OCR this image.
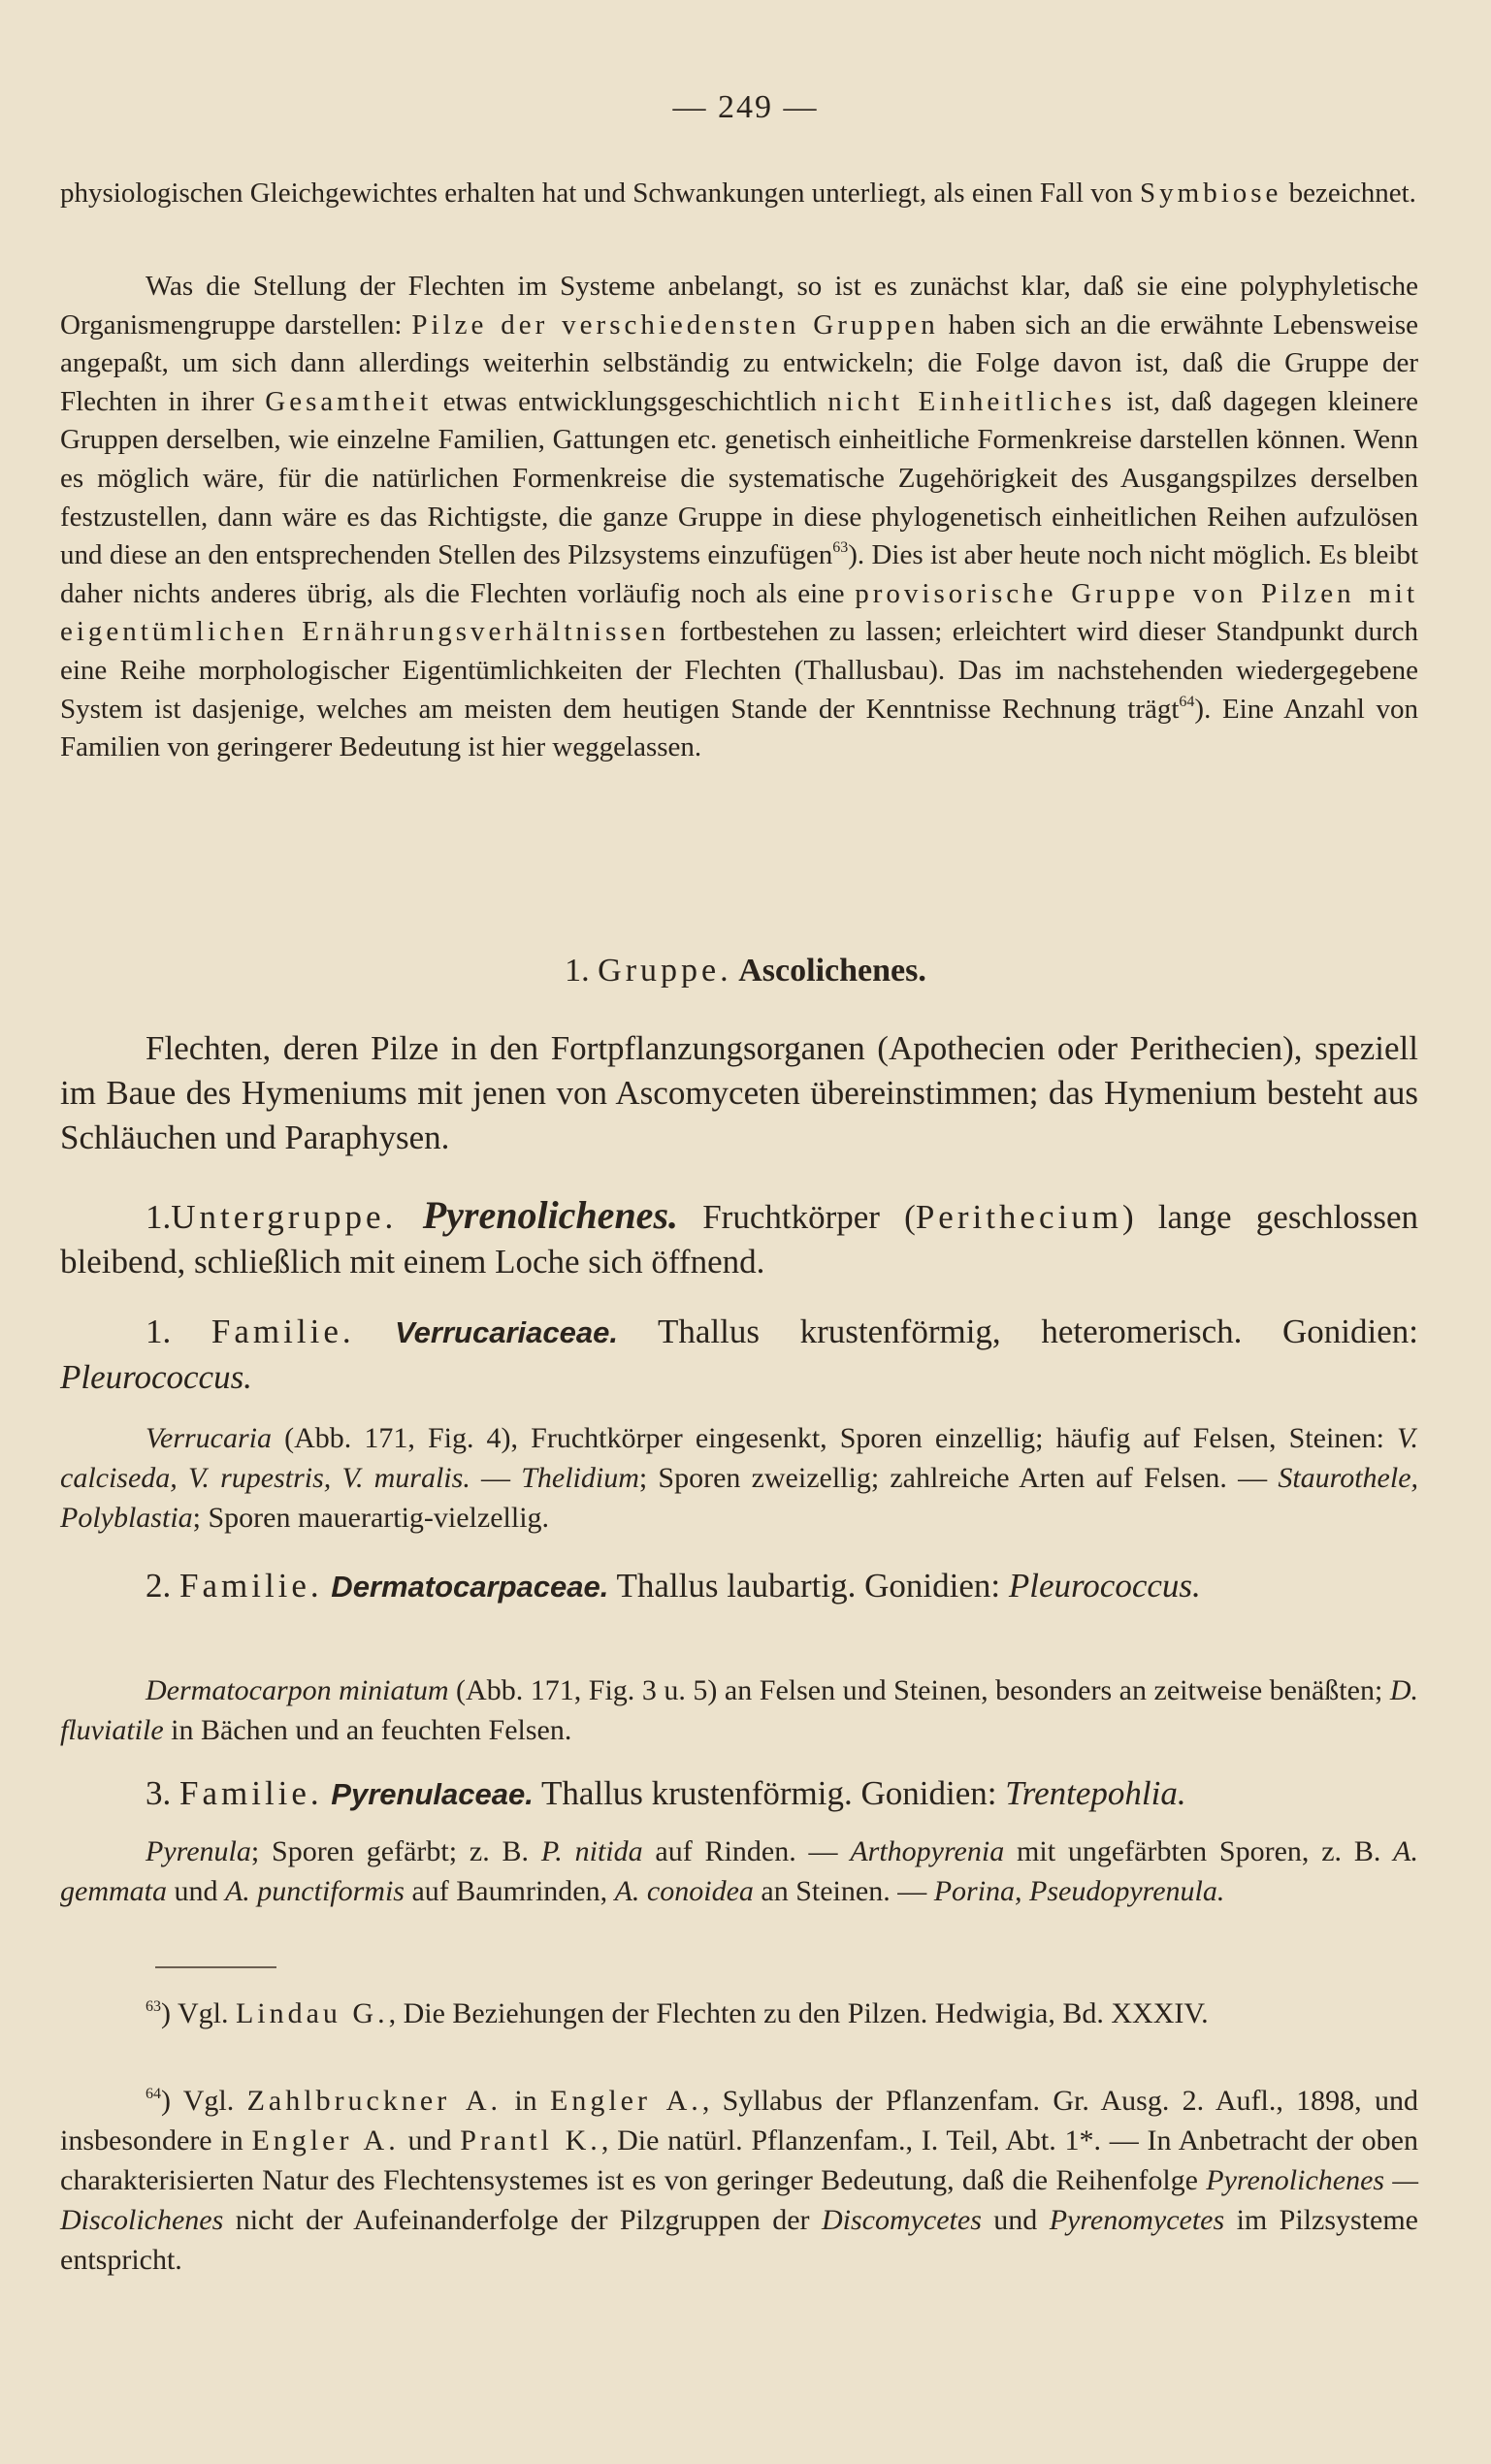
— 249 —

physiologischen Gleichgewichtes erhalten hat und Schwankungen unterliegt, als einen Fall von Symbiose bezeichnet.

Was die Stellung der Flechten im Systeme anbelangt, so ist es zunächst klar, daß sie eine polyphyletische Organismengruppe darstellen: Pilze der verschiedensten Gruppen haben sich an die erwähnte Lebensweise angepaßt, um sich dann allerdings weiterhin selbständig zu entwickeln; die Folge davon ist, daß die Gruppe der Flechten in ihrer Gesamtheit etwas entwicklungsgeschichtlich nicht Einheitliches ist, daß dagegen kleinere Gruppen derselben, wie einzelne Familien, Gattungen etc. genetisch einheitliche Formenkreise darstellen können. Wenn es möglich wäre, für die natürlichen Formenkreise die systematische Zugehörigkeit des Ausgangspilzes derselben festzustellen, dann wäre es das Richtigste, die ganze Gruppe in diese phylogenetisch einheitlichen Reihen aufzulösen und diese an den entsprechenden Stellen des Pilzsystems einzufügen$^{63}$). Dies ist aber heute noch nicht möglich. Es bleibt daher nichts anderes übrig, als die Flechten vorläufig noch als eine provisorische Gruppe von Pilzen mit eigentümlichen Ernährungsverhältnissen fortbestehen zu lassen; erleichtert wird dieser Standpunkt durch eine Reihe morphologischer Eigentümlichkeiten der Flechten (Thallusbau). Das im nachstehenden wiedergegebene System ist dasjenige, welches am meisten dem heutigen Stande der Kenntnisse Rechnung trägt$^{64}$). Eine Anzahl von Familien von geringerer Bedeutung ist hier weggelassen.

1. Gruppe. Ascolichenes.

Flechten, deren Pilze in den Fortpflanzungsorganen (Apothecien oder Perithecien), speziell im Baue des Hymeniums mit jenen von Ascomyceten übereinstimmen; das Hymenium besteht aus Schläuchen und Paraphysen.

1.Untergruppe. Pyrenolichenes. Fruchtkörper (Perithecium) lange geschlossen bleibend, schließlich mit einem Loche sich öffnend.

1. Familie. Verrucariaceae. Thallus krustenförmig, heteromerisch. Gonidien: Pleurococcus.

Verrucaria (Abb. 171, Fig. 4), Fruchtkörper eingesenkt, Sporen einzellig; häufig auf Felsen, Steinen: V. calciseda, V. rupestris, V. muralis. — Thelidium; Sporen zweizellig; zahlreiche Arten auf Felsen. — Staurothele, Polyblastia; Sporen mauerartig-vielzellig.

2. Familie. Dermatocarpaceae. Thallus laubartig. Gonidien: Pleurococcus.

Dermatocarpon miniatum (Abb. 171, Fig. 3 u. 5) an Felsen und Steinen, besonders an zeitweise benäßten; D. fluviatile in Bächen und an feuchten Felsen.

3. Familie. Pyrenulaceae. Thallus krustenförmig. Gonidien: Trentepohlia.

Pyrenula; Sporen gefärbt; z. B. P. nitida auf Rinden. — Arthopyrenia mit ungefärbten Sporen, z. B. A. gemmata und A. punctiformis auf Baumrinden, A. conoidea an Steinen. — Porina, Pseudopyrenula.

$^{63}$) Vgl. Lindau G., Die Beziehungen der Flechten zu den Pilzen. Hedwigia, Bd. XXXIV.

$^{64}$) Vgl. Zahlbruckner A. in Engler A., Syllabus der Pflanzenfam. Gr. Ausg. 2. Aufl., 1898, und insbesondere in Engler A. und Prantl K., Die natürl. Pflanzenfam., I. Teil, Abt. 1*. — In Anbetracht der oben charakterisierten Natur des Flechtensystemes ist es von geringer Bedeutung, daß die Reihenfolge Pyrenolichenes — Discolichenes nicht der Aufeinanderfolge der Pilzgruppen der Discomycetes und Pyrenomycetes im Pilzsysteme entspricht.
